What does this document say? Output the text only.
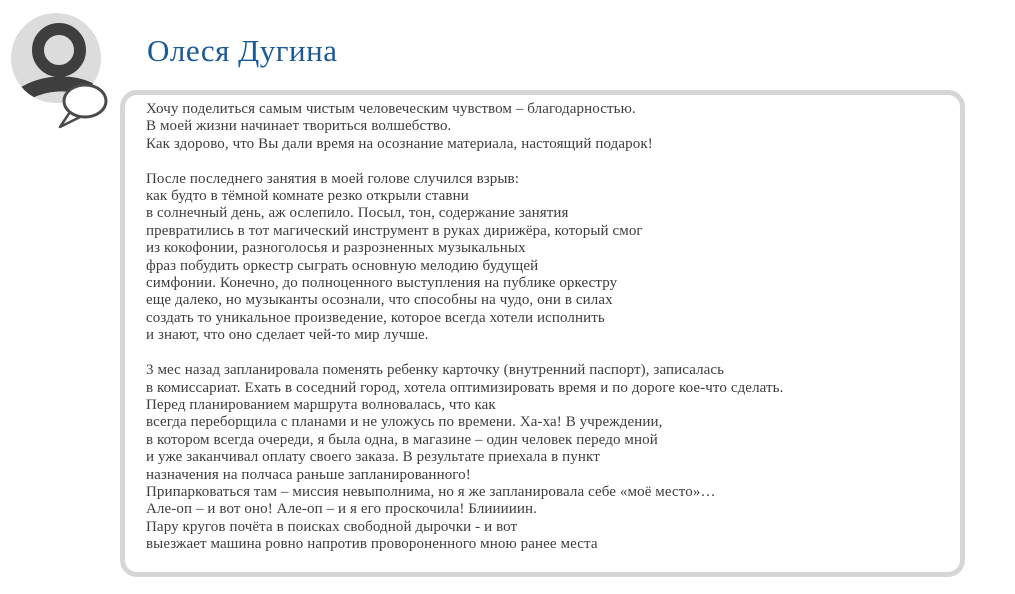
Олеся Дугина
Хочу поделиться самым чистым человеческим чувством – благодарностью.
В моей жизни начинает твориться волшебство.
Как здорово, что Вы дали время на осознание материала, настоящий подарок!

После последнего занятия в моей голове случился взрыв:
как будто в тёмной комнате резко открыли ставни
в солнечный день, аж ослепило. Посыл, тон, содержание занятия
превратились в тот магический инструмент в руках дирижёра, который смог
из кокофонии, разноголосья и разрозненных музыкальных
фраз побудить оркестр сыграть основную мелодию будущей
симфонии. Конечно, до полноценного выступления на публике оркестру
еще далеко, но музыканты осознали, что способны на чудо, они в силах
создать то уникальное произведение, которое всегда хотели исполнить
и знают, что оно сделает чей-то мир лучше.

3 мес назад запланировала поменять ребенку карточку (внутренний паспорт), записалась
в комиссариат. Ехать в соседний город, хотела оптимизировать время и по дороге кое-что сделать.
Перед планированием маршрута волновалась, что как
всегда переборщила с планами и не уложусь по времени. Ха-ха! В учреждении,
в котором всегда очереди, я была одна, в магазине – один человек передо мной
и уже заканчивал оплату своего заказа. В результате приехала в пункт
назначения на полчаса раньше запланированного!
Припарковаться там – миссия невыполнима, но я же запланировала себе «моё место»…
Але-оп – и вот оно! Але-оп – и я его проскочила! Блииииин.
Пару кругов почёта в поисках свободной дырочки - и вот
выезжает машина ровно напротив провороненного мною ранее места
